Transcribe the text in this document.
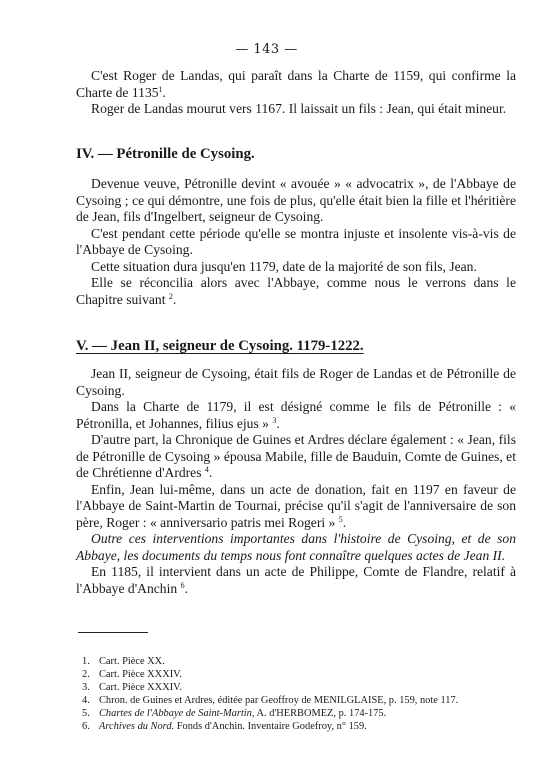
— 143 —

C'est Roger de Landas, qui paraît dans la Charte de 1159, qui confirme la Charte de 1135$^1$.

Roger de Landas mourut vers 1167. Il laissait un fils : Jean, qui était mineur.

IV. — Pétronille de Cysoing.

Devenue veuve, Pétronille devint « avouée » « advocatrix », de l'Abbaye de Cysoing ; ce qui démontre, une fois de plus, qu'elle était bien la fille et l'héritière de Jean, fils d'Ingelbert, seigneur de Cysoing.

C'est pendant cette période qu'elle se montra injuste et insolente vis-à-vis de l'Abbaye de Cysoing.

Cette situation dura jusqu'en 1179, date de la majorité de son fils, Jean.

Elle se réconcilia alors avec l'Abbaye, comme nous le verrons dans le Chapitre suivant $^2$.

V. — Jean II, seigneur de Cysoing. 1179-1222.

Jean II, seigneur de Cysoing, était fils de Roger de Landas et de Pétronille de Cysoing.

Dans la Charte de 1179, il est désigné comme le fils de Pétronille : « Pétronilla, et Johannes, filius ejus » $^3$.

D'autre part, la Chronique de Guines et Ardres déclare également : « Jean, fils de Pétronille de Cysoing » épousa Mabile, fille de Bauduin, Comte de Guines, et de Chrétienne d'Ardres $^4$.

Enfin, Jean lui-même, dans un acte de donation, fait en 1197 en faveur de l'Abbaye de Saint-Martin de Tournai, précise qu'il s'agit de l'anniversaire de son père, Roger : « anniversario patris mei Rogeri » $^5$.

Outre ces interventions importantes dans l'histoire de Cysoing, et de son Abbaye, les documents du temps nous font connaître quelques actes de Jean II.

En 1185, il intervient dans un acte de Philippe, Comte de Flandre, relatif à l'Abbaye d'Anchin $^6$.

1. Cart. Pièce XX.
2. Cart. Pièce XXXIV.
3. Cart. Pièce XXXIV.
4. Chron. de Guines et Ardres, éditée par Geoffroy de MENILGLAISE, p. 159, note 117.
5. Chartes de l'Abbaye de Saint-Martin, A. d'HERBOMEZ, p. 174-175.
6. Archives du Nord. Fonds d'Anchin. Inventaire Godefroy, n° 159.
